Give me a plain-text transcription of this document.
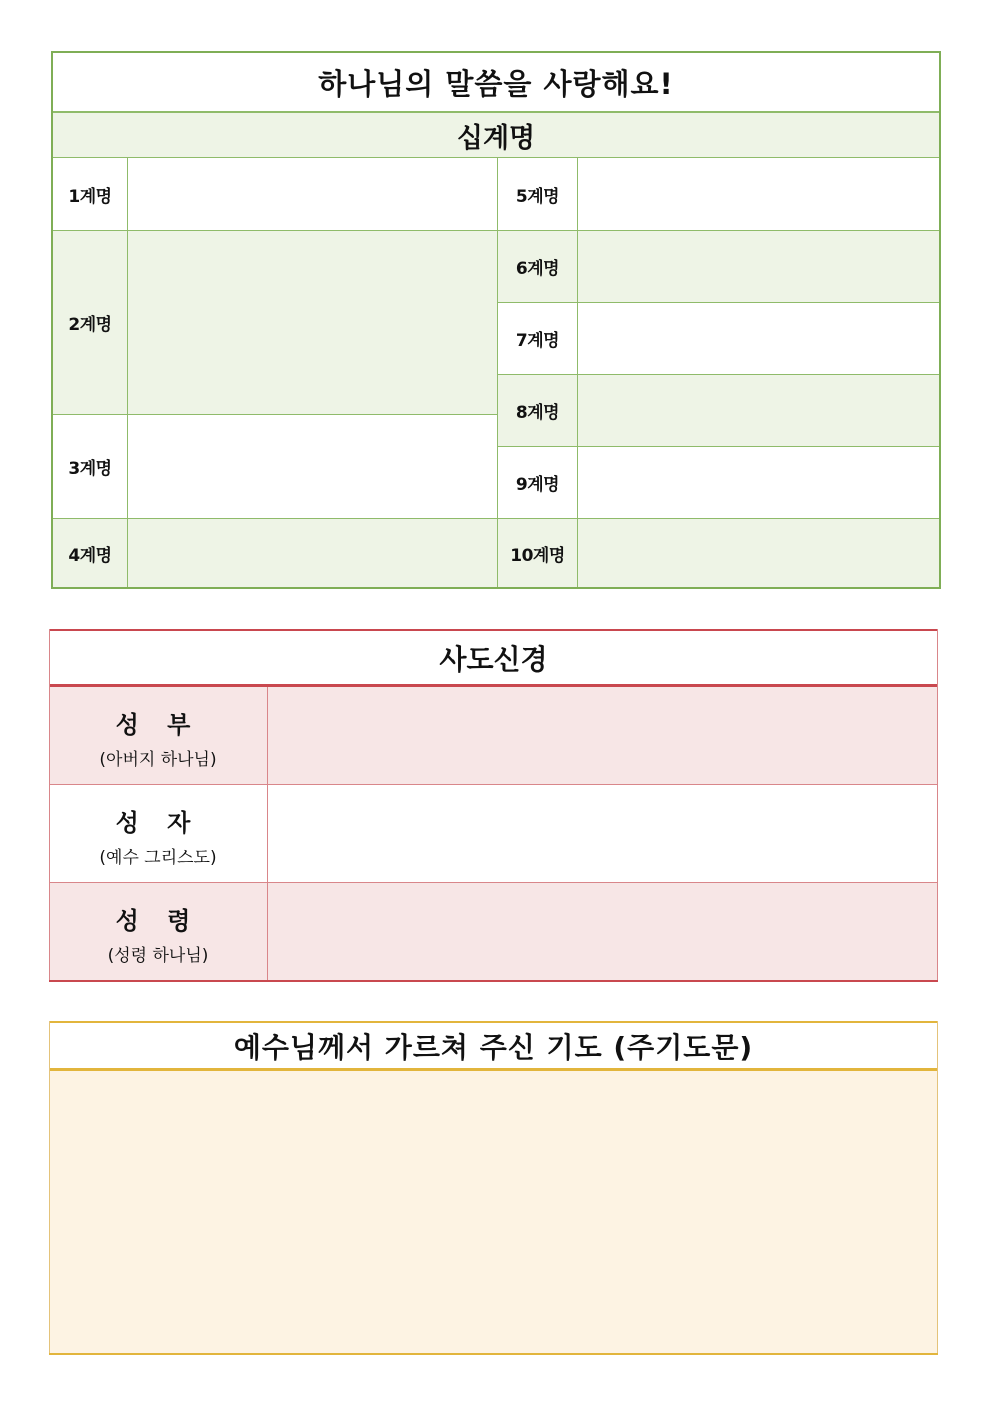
하나님의 말씀을 사랑해요!
십계명
1계명
2계명
3계명
4계명
5계명
6계명
7계명
8계명
9계명
10계명
사도신경
성 부
(아버지 하나님)
성 자
(예수 그리스도)
성 령
(성령 하나님)
예수님께서 가르쳐 주신 기도 (주기도문)
